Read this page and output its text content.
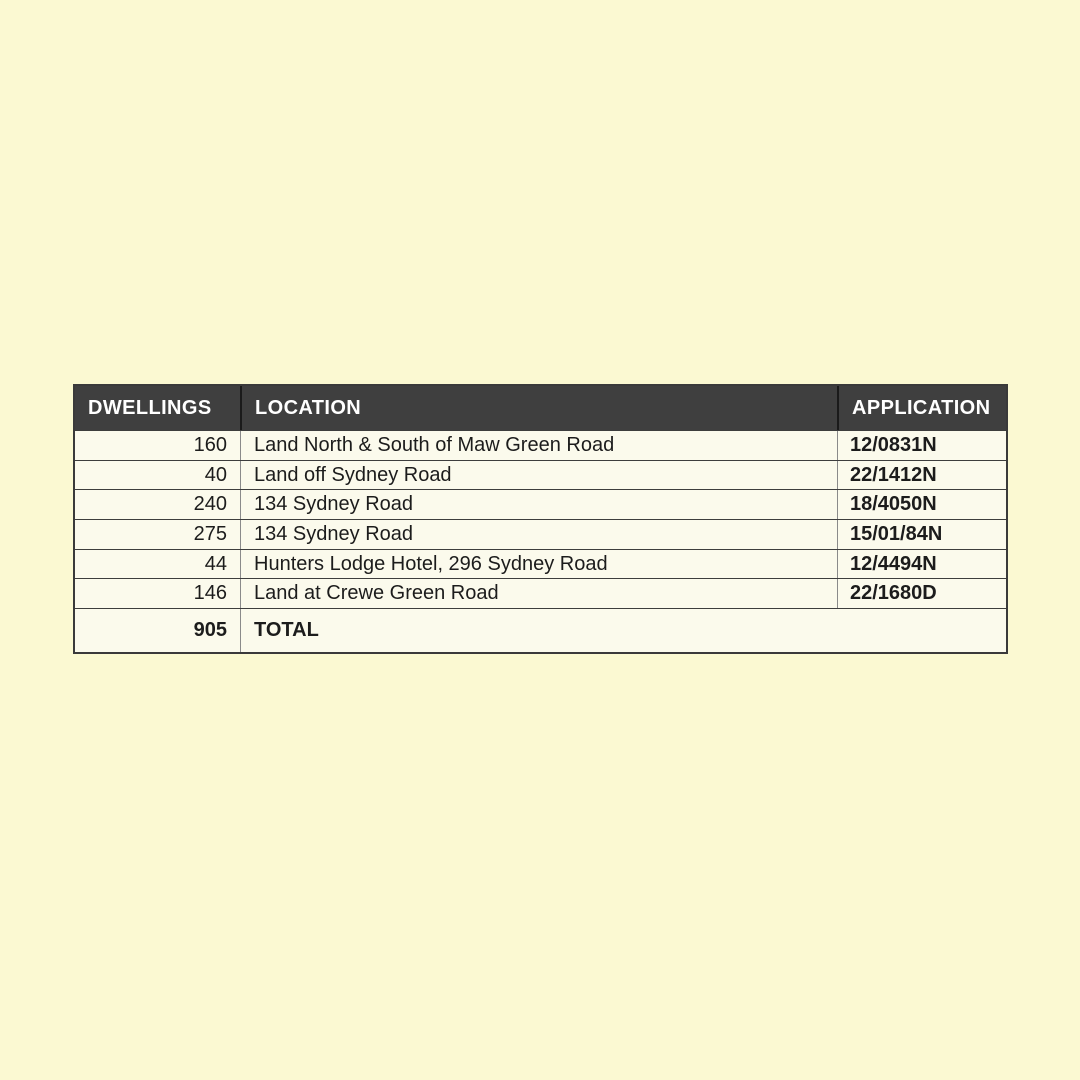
DWELLINGS	LOCATION	APPLICATION
160	Land North & South of Maw Green Road	12/0831N
40	Land off Sydney Road	22/1412N
240	134 Sydney Road	18/4050N
275	134 Sydney Road	15/01/84N
44	Hunters Lodge Hotel, 296 Sydney Road	12/4494N
146	Land at Crewe Green Road	22/1680D
905	TOTAL
